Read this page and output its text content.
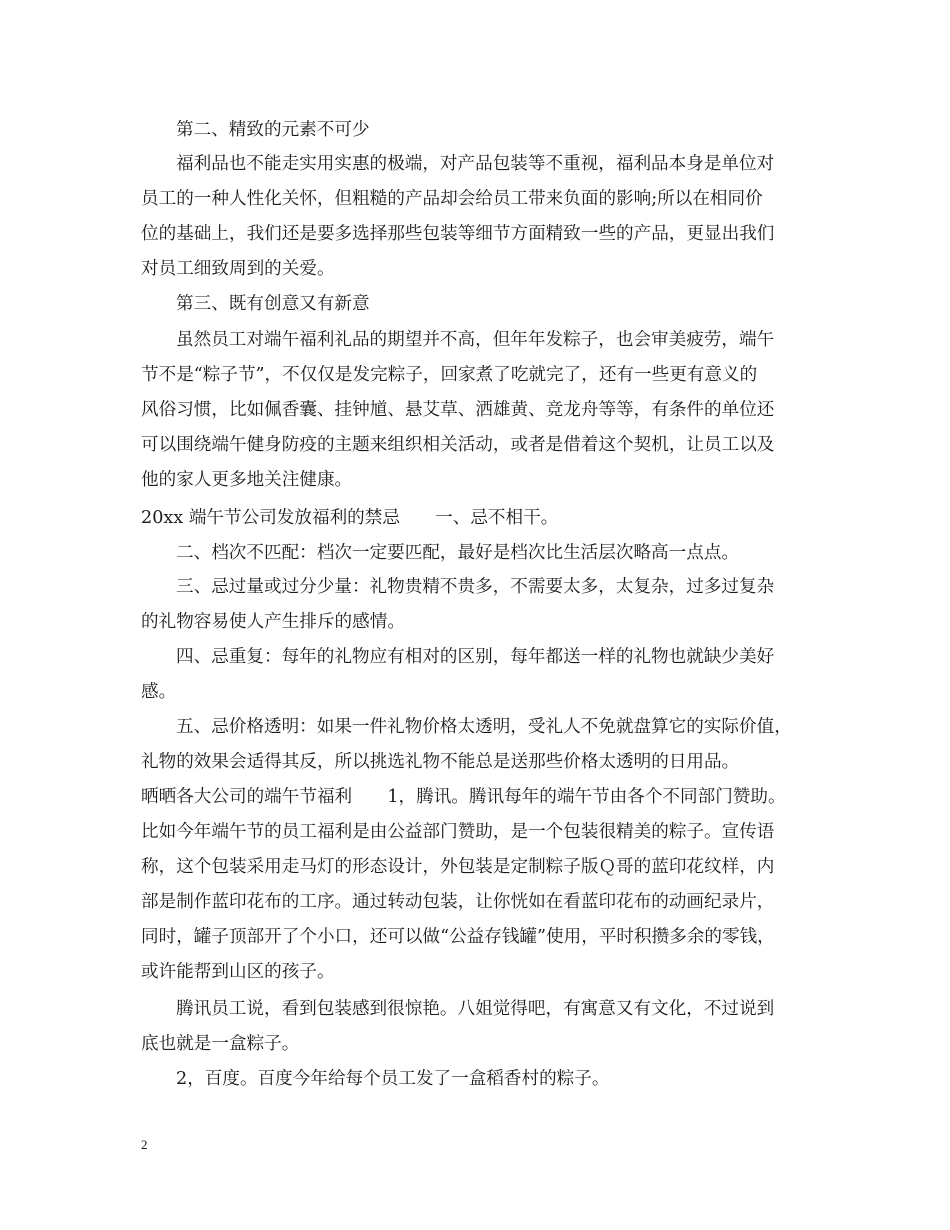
第二、精致的元素不可少

福利品也不能走实用实惠的极端，对产品包装等不重视，福利品本身是单位对

员工的一种人性化关怀，但粗糙的产品却会给员工带来负面的影响;所以在相同价

位的基础上，我们还是要多选择那些包装等细节方面精致一些的产品，更显出我们

对员工细致周到的关爱。

第三、既有创意又有新意

虽然员工对端午福利礼品的期望并不高，但年年发粽子，也会审美疲劳，端午

节不是“粽子节”，不仅仅是发完粽子，回家煮了吃就完了，还有一些更有意义的

风俗习惯，比如佩香囊、挂钟馗、悬艾草、洒雄黄、竞龙舟等等，有条件的单位还

可以围绕端午健身防疫的主题来组织相关活动，或者是借着这个契机，让员工以及

他的家人更多地关注健康。

20xx 端午节公司发放福利的禁忌　　一、忌不相干。

二、档次不匹配：档次一定要匹配，最好是档次比生活层次略高一点点。

三、忌过量或过分少量：礼物贵精不贵多，不需要太多，太复杂，过多过复杂

的礼物容易使人产生排斥的感情。

四、忌重复：每年的礼物应有相对的区别，每年都送一样的礼物也就缺少美好

感。

五、忌价格透明：如果一件礼物价格太透明，受礼人不免就盘算它的实际价值，

礼物的效果会适得其反，所以挑选礼物不能总是送那些价格太透明的日用品。

晒晒各大公司的端午节福利　　1，腾讯。腾讯每年的端午节由各个不同部门赞助。

比如今年端午节的员工福利是由公益部门赞助，是一个包装很精美的粽子。宣传语

称，这个包装采用走马灯的形态设计，外包装是定制粽子版Ｑ哥的蓝印花纹样，内

部是制作蓝印花布的工序。通过转动包装，让你恍如在看蓝印花布的动画纪录片，

同时，罐子顶部开了个小口，还可以做“公益存钱罐”使用，平时积攒多余的零钱，

或许能帮到山区的孩子。

腾讯员工说，看到包装感到很惊艳。八姐觉得吧，有寓意又有文化，不过说到

底也就是一盒粽子。

2，百度。百度今年给每个员工发了一盒稻香村的粽子。

2
